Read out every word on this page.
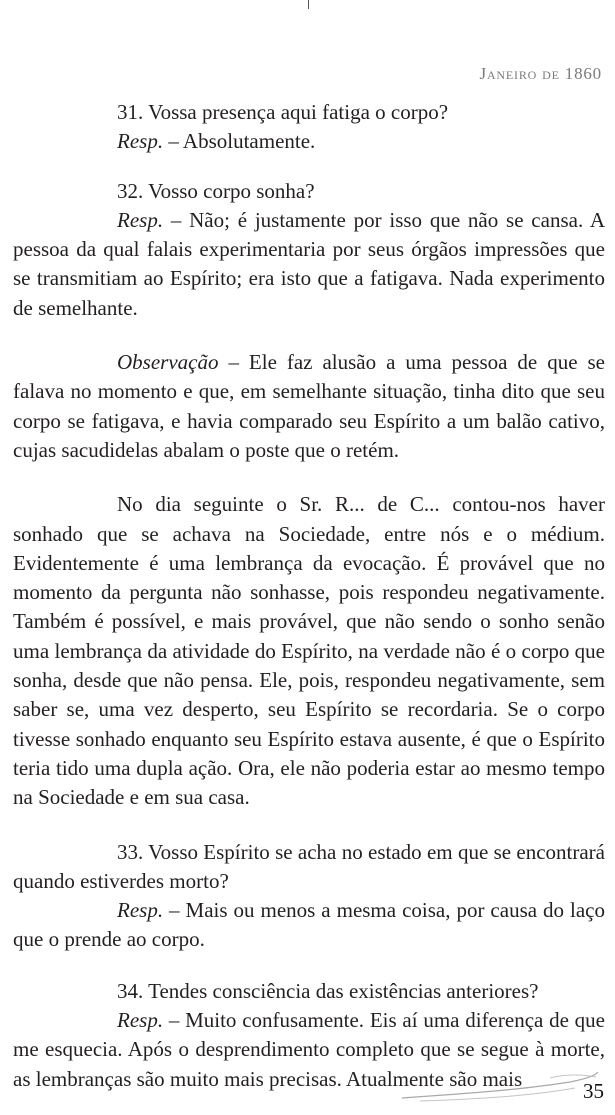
Janeiro de 1860

31. Vossa presença aqui fatiga o corpo?

Resp. – Absolutamente.

32. Vosso corpo sonha?

Resp. – Não; é justamente por isso que não se cansa. A pessoa da qual falais experimentaria por seus órgãos impressões que se transmitiam ao Espírito; era isto que a fatigava. Nada experimento de semelhante.

Observação – Ele faz alusão a uma pessoa de que se falava no momento e que, em semelhante situação, tinha dito que seu corpo se fatigava, e havia comparado seu Espírito a um balão cativo, cujas sacudidelas abalam o poste que o retém.

No dia seguinte o Sr. R... de C... contou-nos haver sonhado que se achava na Sociedade, entre nós e o médium. Evidentemente é uma lembrança da evocação. É provável que no momento da pergunta não sonhasse, pois respondeu negativamente. Também é possível, e mais provável, que não sendo o sonho senão uma lembrança da atividade do Espírito, na verdade não é o corpo que sonha, desde que não pensa. Ele, pois, respondeu negativamente, sem saber se, uma vez desperto, seu Espírito se recordaria. Se o corpo tivesse sonhado enquanto seu Espírito estava ausente, é que o Espírito teria tido uma dupla ação. Ora, ele não poderia estar ao mesmo tempo na Sociedade e em sua casa.

33. Vosso Espírito se acha no estado em que se encontrará quando estiverdes morto?

Resp. – Mais ou menos a mesma coisa, por causa do laço que o prende ao corpo.

34. Tendes consciência das existências anteriores?

Resp. – Muito confusamente. Eis aí uma diferença de que me esquecia. Após o desprendimento completo que se segue à morte, as lembranças são muito mais precisas. Atualmente são mais

35
